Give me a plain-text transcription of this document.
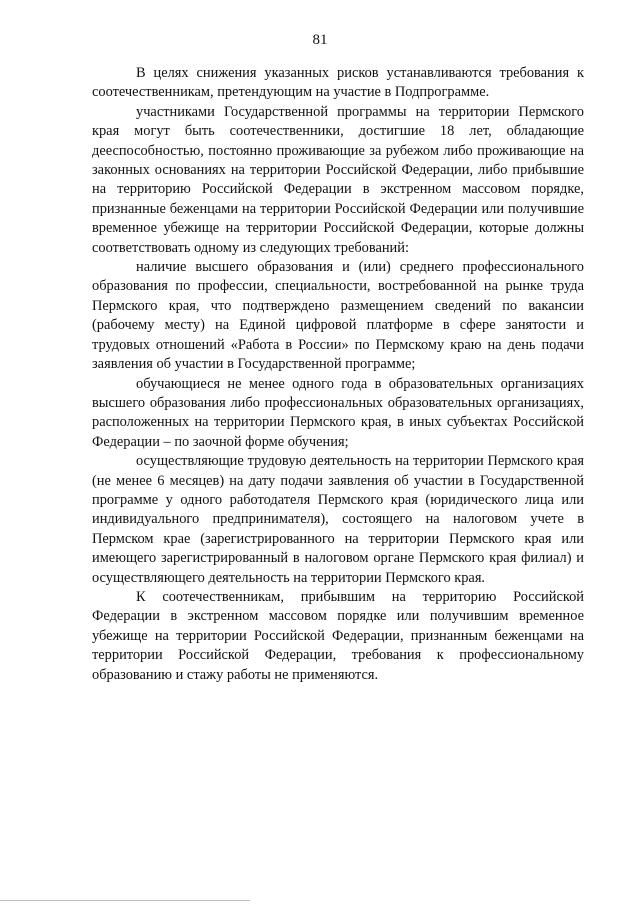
81

В целях снижения указанных рисков устанавливаются требования к соотечественникам, претендующим на участие в Подпрограмме.

участниками Государственной программы на территории Пермского края могут быть соотечественники, достигшие 18 лет, обладающие дееспособностью, постоянно проживающие за рубежом либо проживающие на законных основаниях на территории Российской Федерации, либо прибывшие на территорию Российской Федерации в экстренном массовом порядке, признанные беженцами на территории Российской Федерации или получившие временное убежище на территории Российской Федерации, которые должны соответствовать одному из следующих требований:

наличие высшего образования и (или) среднего профессионального образования по профессии, специальности, востребованной на рынке труда Пермского края, что подтверждено размещением сведений по вакансии (рабочему месту) на Единой цифровой платформе в сфере занятости и трудовых отношений «Работа в России» по Пермскому краю на день подачи заявления об участии в Государственной программе;

обучающиеся не менее одного года в образовательных организациях высшего образования либо профессиональных образовательных организациях, расположенных на территории Пермского края, в иных субъектах Российской Федерации – по заочной форме обучения;

осуществляющие трудовую деятельность на территории Пермского края (не менее 6 месяцев) на дату подачи заявления об участии в Государственной программе у одного работодателя Пермского края (юридического лица или индивидуального предпринимателя), состоящего на налоговом учете в Пермском крае (зарегистрированного на территории Пермского края или имеющего зарегистрированный в налоговом органе Пермского края филиал) и осуществляющего деятельность на территории Пермского края.

К соотечественникам, прибывшим на территорию Российской Федерации в экстренном массовом порядке или получившим временное убежище на территории Российской Федерации, признанным беженцами на территории Российской Федерации, требования к профессиональному образованию и стажу работы не применяются.
